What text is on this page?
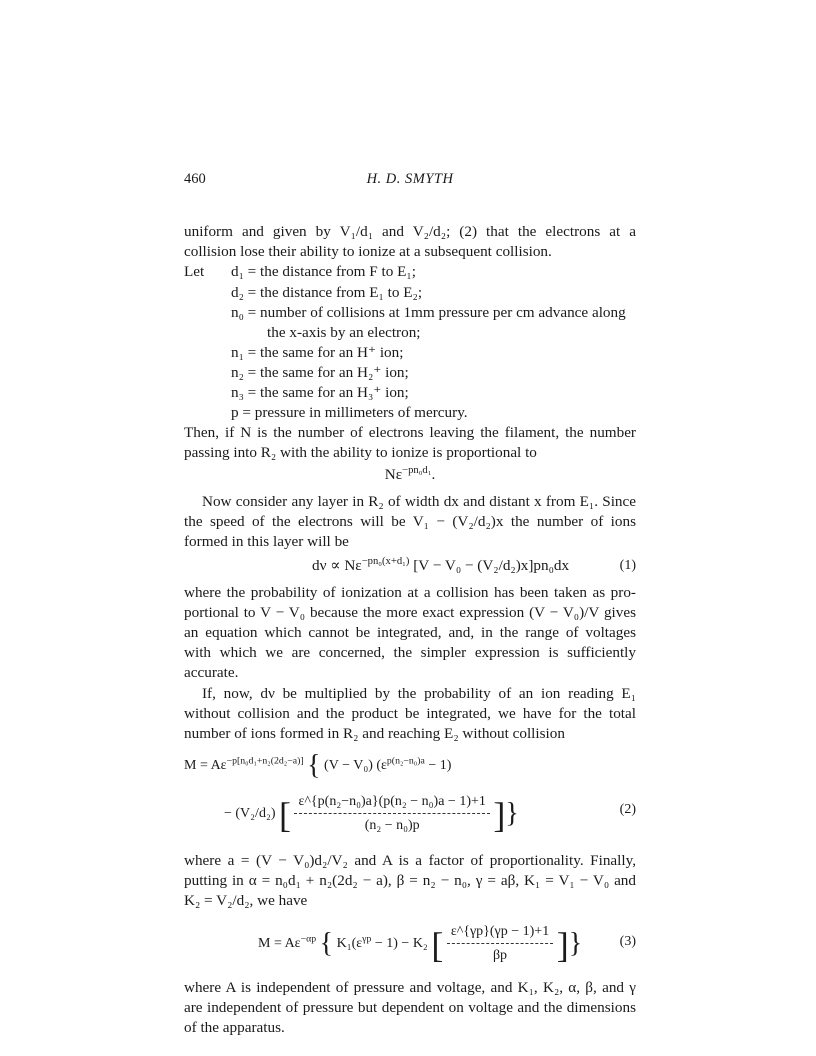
460	H. D. SMYTH
uniform and given by V₁/d₁ and V₂/d₂; (2) that the electrons at a
collision lose their ability to ionize at a subsequent collision.
Let d₁ = the distance from F to E₁;
d₂ = the distance from E₁ to E₂;
n₀ = number of collisions at 1mm pressure per cm advance along
the x-axis by an electron;
n₁ = the same for an H⁺ ion;
n₂ = the same for an H₂⁺ ion;
n₃ = the same for an H₃⁺ ion;
p = pressure in millimeters of mercury.
Then, if N is the number of electrons leaving the filament, the number
passing into R₂ with the ability to ionize is proportional to
$N\varepsilon^{-pn_0d_1}$.
Now consider any layer in R₂ of width dx and distant x from E₁. Since
the speed of the electrons will be V₁ − (V₂/d₂)x the number of ions
formed in this layer will be
$d\nu \propto N\varepsilon^{-pn_0(x+d_1)}$ [V − V₀ − (V₂/d₂)x]pn₀dx	(1)
where the probability of ionization at a collision has been taken as pro-
portional to V − V₀ because the more exact expression (V − V₀)/V gives
an equation which cannot be integrated, and, in the range of voltages
with which we are concerned, the simpler expression is sufficiently
accurate.
If, now, dν be multiplied by the probability of an ion reading E₁
without collision and the product be integrated, we have for the total
number of ions formed in R₂ and reaching E₂ without collision
$M = A\varepsilon^{-p[n_0d_1+n_2(2d_2-a)]}$ { (V − V₀) $(\varepsilon^{p(n_2-n_0)a} - 1)$
− (V₂/d₂) [ $\frac{\text{ε\textasciicircum{}\{p(n₂−n₀)a\}(p(n₂ − n₀)a − 1)+1}}{\text{(n₂ − n₀)p}}$ ]}	(2)
where a = (V − V₀)d₂/V₂ and A is a factor of proportionality. Finally,
putting in α = n₀d₁ + n₂(2d₂ − a), β = n₂ − n₀, γ = aβ, K₁ = V₁ − V₀ and
K₂ = V₂/d₂, we have
$M = A\varepsilon^{-\alpha p}$ { $K_1(\varepsilon^{\gamma p} - 1) - K_2$ [ $\frac{\varepsilon\^{}\{\gamma p\}(\gamma p - 1)+1}{\beta p}$ ]}	(3)
where A is independent of pressure and voltage, and K₁, K₂, α, β, and γ
are independent of pressure but dependent on voltage and the dimensions
of the apparatus.
